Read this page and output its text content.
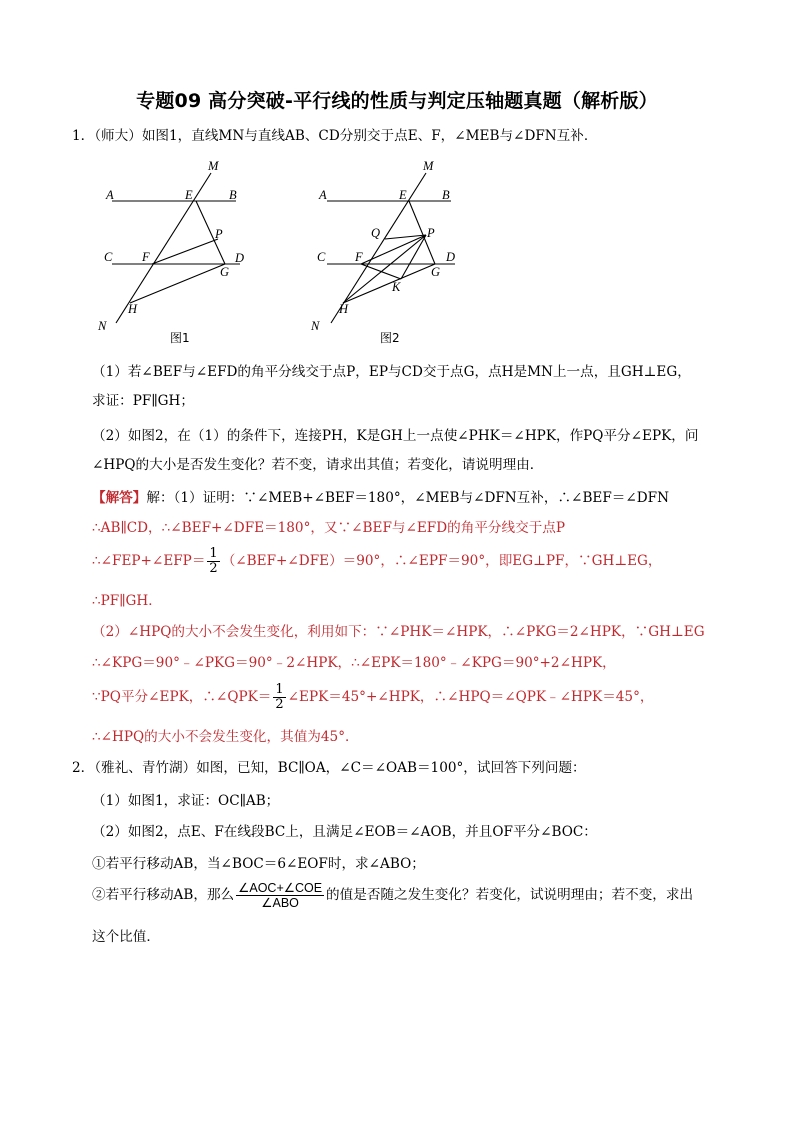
专题09 高分突破-平行线的性质与判定压轴题真题（解析版）
1．（师大）如图1，直线MN与直线AB、CD分别交于点E、F，∠MEB与∠DFN互补．
M
A	E	B
P
C F	D
G
H
N
图1
M
A	E	B
Q	P
C F	D
G
K
H
N
图2
（1）若∠BEF与∠EFD的角平分线交于点P，EP与CD交于点G，点H是MN上一点，且GH⊥EG，
求证：PF∥GH；
（2）如图2，在（1）的条件下，连接PH，K是GH上一点使∠PHK＝∠HPK，作PQ平分∠EPK，问
∠HPQ的大小是否发生变化？若不变，请求出其值；若变化，请说明理由．
【解答】解：（1）证明：∵∠MEB+∠BEF＝180°，∠MEB与∠DFN互补，∴∠BEF＝∠DFN
∴AB∥CD，∴∠BEF+∠DFE＝180°，又∵∠BEF与∠EFD的角平分线交于点P
∴∠FEP+∠EFP＝ $\frac{1}{2}$ （∠BEF+∠DFE）＝90°，∴∠EPF＝90°，即EG⊥PF，∵GH⊥EG，
∴PF∥GH．
（2）∠HPQ的大小不会发生变化，利用如下：∵∠PHK＝∠HPK，∴∠PKG＝2∠HPK，∵GH⊥EG
∴∠KPG＝90°﹣∠PKG＝90°﹣2∠HPK，∴∠EPK＝180°﹣∠KPG＝90°+2∠HPK，
∵PQ平分∠EPK，∴∠QPK＝ $\frac{1}{2}$ ∠EPK＝45°+∠HPK，∴∠HPQ＝∠QPK﹣∠HPK＝45°，
∴∠HPQ的大小不会发生变化，其值为45°．
2．（雅礼、青竹湖）如图，已知，BC∥OA，∠C＝∠OAB＝100°，试回答下列问题：
（1）如图1，求证：OC∥AB；
（2）如图2，点E、F在线段BC上，且满足∠EOB＝∠AOB，并且OF平分∠BOC：
①若平行移动AB，当∠BOC＝6∠EOF时，求∠ABO；
②若平行移动AB，那么 $\frac{\text{∠AOC+∠COE}}{\text{∠ABO}}$ 的值是否随之发生变化？若变化，试说明理由；若不变，求出
这个比值．
